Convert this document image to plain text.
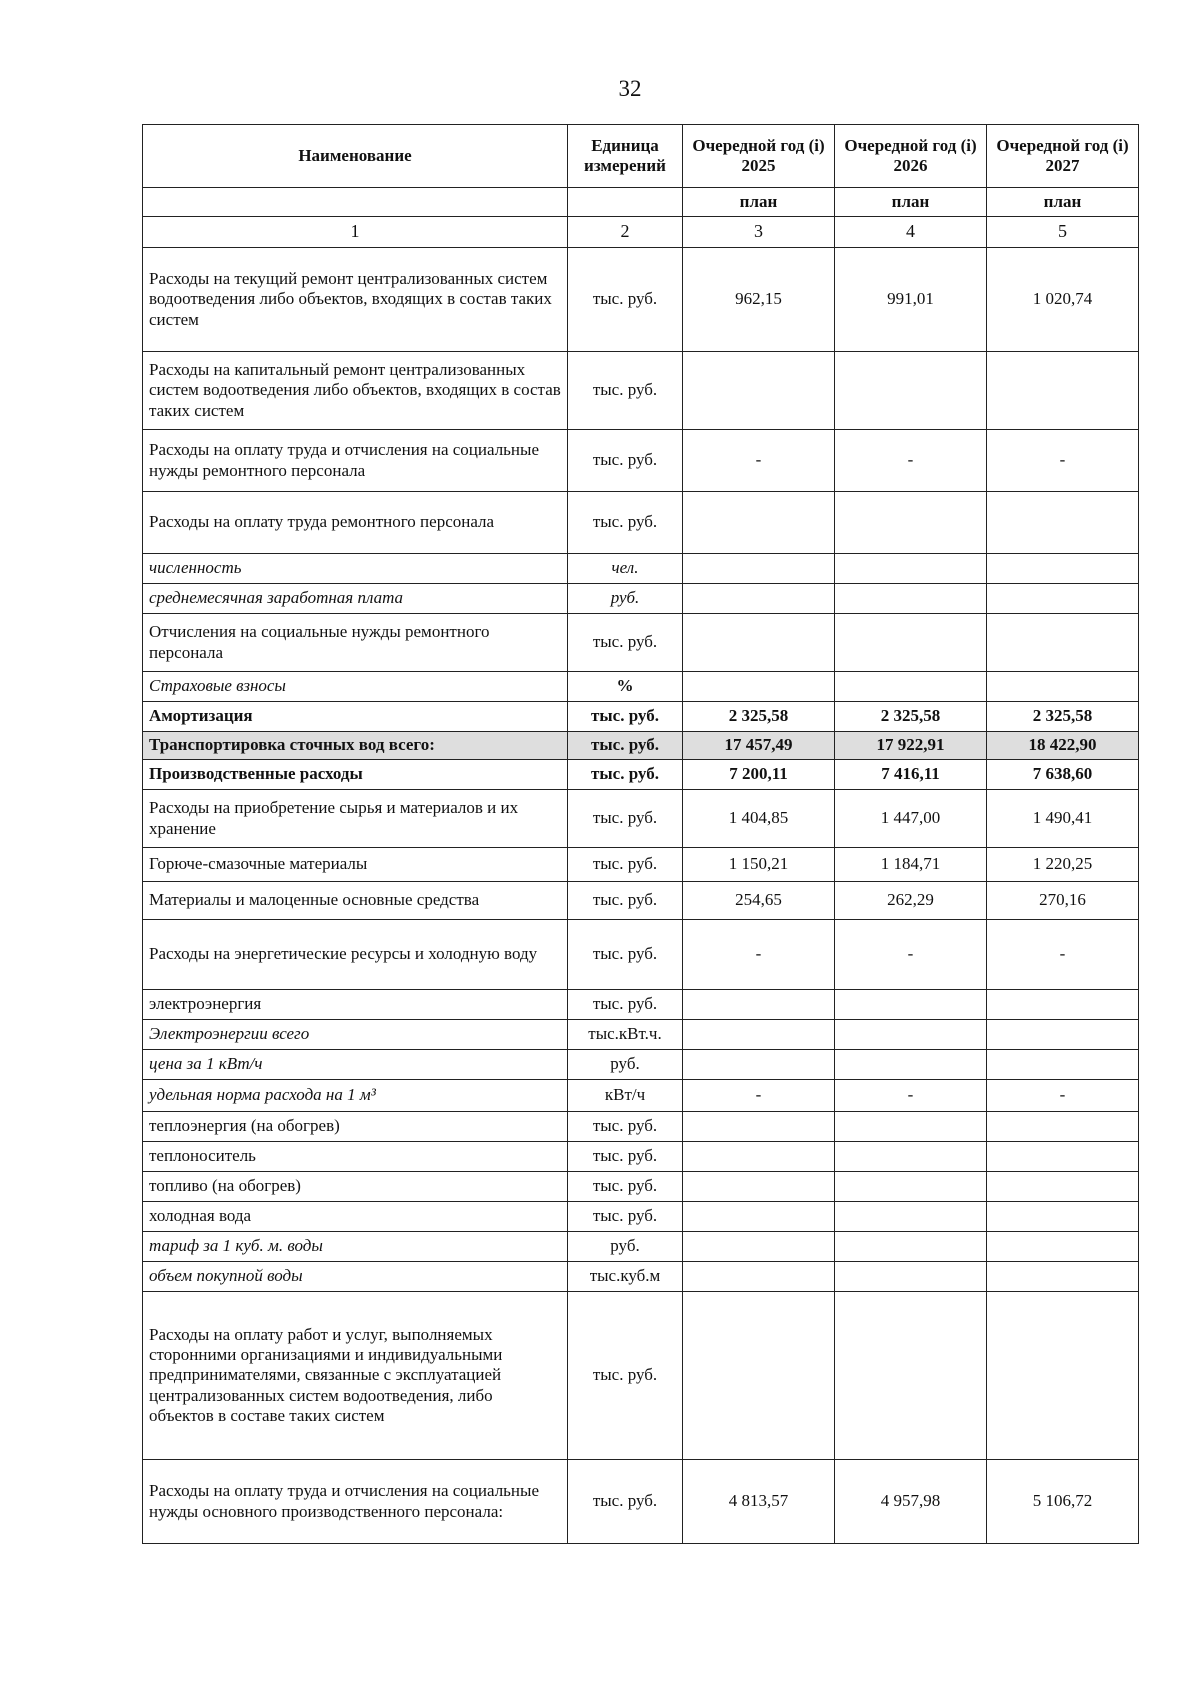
32
Наименование	Единица измерений	Очередной год (i) 2025	Очередной год (i) 2026	Очередной год (i) 2027
		план	план	план
1	2	3	4	5
Расходы на текущий ремонт централизованных систем водоотведения либо объектов, входящих в состав таких систем	тыс. руб.	962,15	991,01	1 020,74
Расходы на капитальный ремонт централизованных систем водоотведения либо объектов, входящих в состав таких систем	тыс. руб.			
Расходы на оплату труда и отчисления на социальные нужды ремонтного персонала	тыс. руб.	-	-	-
Расходы на оплату труда ремонтного персонала	тыс. руб.			
численность	чел.			
среднемесячная заработная плата	руб.			
Отчисления на социальные нужды ремонтного персонала	тыс. руб.			
Страховые взносы	%			
Амортизация	тыс. руб.	2 325,58	2 325,58	2 325,58
Транспортировка сточных вод всего:	тыс. руб.	17 457,49	17 922,91	18 422,90
Производственные расходы	тыс. руб.	7 200,11	7 416,11	7 638,60
Расходы на приобретение сырья и материалов и их хранение	тыс. руб.	1 404,85	1 447,00	1 490,41
Горюче-смазочные материалы	тыс. руб.	1 150,21	1 184,71	1 220,25
Материалы и малоценные основные средства	тыс. руб.	254,65	262,29	270,16
Расходы на энергетические ресурсы и холодную воду	тыс. руб.	-	-	-
электроэнергия	тыс. руб.			
Электроэнергии всего	тыс.кВт.ч.			
цена за 1 кВт/ч	руб.			
удельная норма расхода на 1 м³	кВт/ч	-	-	-
теплоэнергия (на обогрев)	тыс. руб.			
теплоноситель	тыс. руб.			
топливо (на обогрев)	тыс. руб.			
холодная вода	тыс. руб.			
тариф за 1 куб. м. воды	руб.			
объем покупной воды	тыс.куб.м			
Расходы на оплату работ и услуг, выполняемых сторонними организациями и индивидуальными предпринимателями, связанные с эксплуатацией централизованных систем водоотведения, либо объектов в составе таких систем	тыс. руб.			
Расходы на оплату труда и отчисления на социальные нужды основного производственного персонала:	тыс. руб.	4 813,57	4 957,98	5 106,72
